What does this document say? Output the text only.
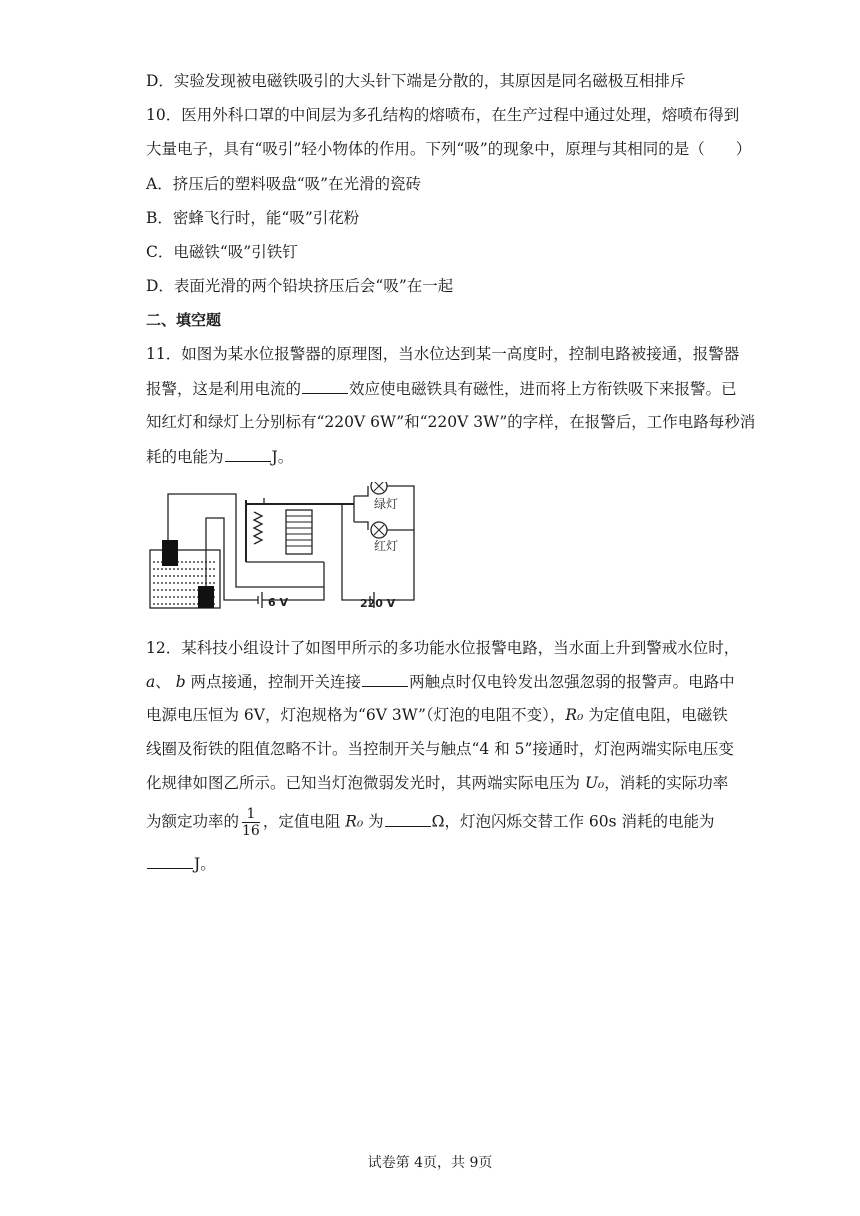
D．实验发现被电磁铁吸引的大头针下端是分散的，其原因是同名磁极互相排斥
10．医用外科口罩的中间层为多孔结构的熔喷布，在生产过程中通过处理，熔喷布得到
大量电子，具有“吸引”轻小物体的作用。下列“吸”的现象中，原理与其相同的是（　　）
A．挤压后的塑料吸盘“吸”在光滑的瓷砖
B．密蜂飞行时，能“吸”引花粉
C．电磁铁“吸”引铁钉
D．表面光滑的两个铅块挤压后会“吸”在一起
二、填空题
11．如图为某水位报警器的原理图，当水位达到某一高度时，控制电路被接通，报警器
报警，这是利用电流的	效应使电磁铁具有磁性，进而将上方衔铁吸下来报警。已
知红灯和绿灯上分别标有“220V 6W”和“220V 3W”的字样，在报警后，工作电路每秒消
耗的电能为	J。
绿灯
红灯
6 V	220 V
12．某科技小组设计了如图甲所示的多功能水位报警电路，当水面上升到警戒水位时，
a、 b 两点接通，控制开关连接	两触点时仅电铃发出忽强忽弱的报警声。电路中
电源电压恒为 6V，灯泡规格为“6V 3W”（灯泡的电阻不变），R₀ 为定值电阻，电磁铁
线圈及衔铁的阻值忽略不计。当控制开关与触点“4 和 5”接通时，灯泡两端实际电压变
化规律如图乙所示。已知当灯泡微弱发光时，其两端实际电压为 U₀，消耗的实际功率
为额定功率的 $\frac{1}{16}$ ，定值电阻 R₀ 为	Ω，灯泡闪烁交替工作 60s 消耗的电能为
J。
试卷第 4页，共 9页
